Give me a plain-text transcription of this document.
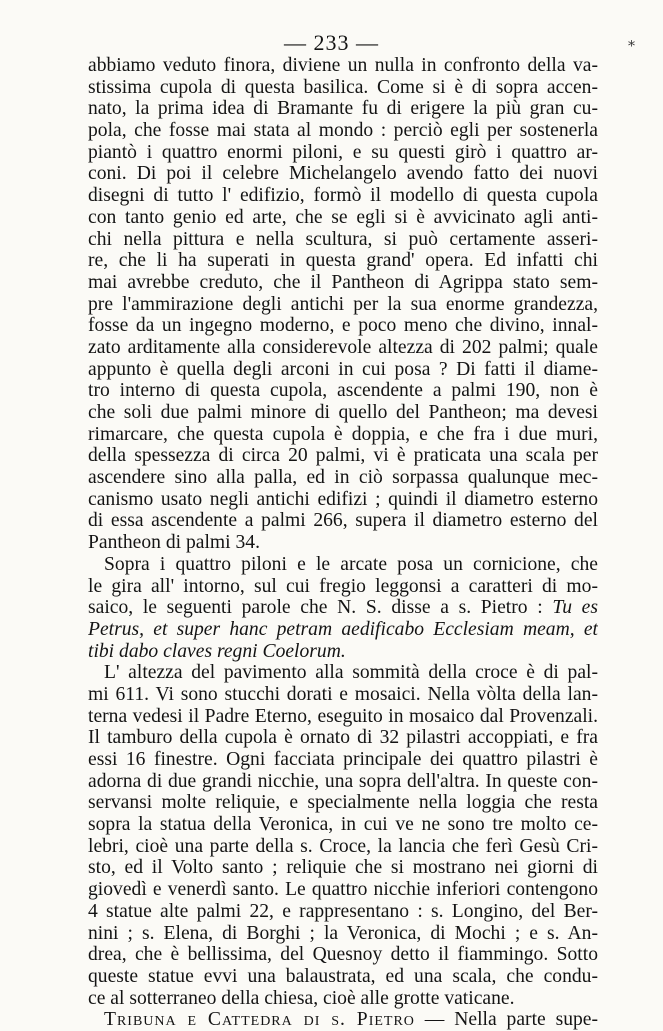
— 233 —	⁎
abbiamo veduto finora, diviene un nulla in confronto della va-
stissima cupola di questa basilica. Come si è di sopra accen-
nato, la prima idea di Bramante fu di erigere la più gran cu-
pola, che fosse mai stata al mondo : perciò egli per sostenerla
piantò i quattro enormi piloni, e su questi girò i quattro ar-
coni. Di poi il celebre Michelangelo avendo fatto dei nuovi
disegni di tutto l' edifizio, formò il modello di questa cupola
con tanto genio ed arte, che se egli si è avvicinato agli anti-
chi nella pittura e nella scultura, si può certamente asseri-
re, che li ha superati in questa grand' opera. Ed infatti chi
mai avrebbe creduto, che il Pantheon di Agrippa stato sem-
pre l'ammirazione degli antichi per la sua enorme grandezza,
fosse da un ingegno moderno, e poco meno che divino, innal-
zato arditamente alla considerevole altezza di 202 palmi; quale
appunto è quella degli arconi in cui posa ? Di fatti il diame-
tro interno di questa cupola, ascendente a palmi 190, non è
che soli due palmi minore di quello del Pantheon; ma devesi
rimarcare, che questa cupola è doppia, e che fra i due muri,
della spessezza di circa 20 palmi, vi è praticata una scala per
ascendere sino alla palla, ed in ciò sorpassa qualunque mec-
canismo usato negli antichi edifizi ; quindi il diametro esterno
di essa ascendente a palmi 266, supera il diametro esterno del
Pantheon di palmi 34.
Sopra i quattro piloni e le arcate posa un cornicione, che
le gira all' intorno, sul cui fregio leggonsi a caratteri di mo-
saico, le seguenti parole che N. S. disse a s. Pietro : Tu es
Petrus, et super hanc petram aedificabo Ecclesiam meam, et
tibi dabo claves regni Coelorum.
L' altezza del pavimento alla sommità della croce è di pal-
mi 611. Vi sono stucchi dorati e mosaici. Nella vòlta della lan-
terna vedesi il Padre Eterno, eseguito in mosaico dal Provenzali.
Il tamburo della cupola è ornato di 32 pilastri accoppiati, e fra
essi 16 finestre. Ogni facciata principale dei quattro pilastri è
adorna di due grandi nicchie, una sopra dell'altra. In queste con-
servansi molte reliquie, e specialmente nella loggia che resta
sopra la statua della Veronica, in cui ve ne sono tre molto ce-
lebri, cioè una parte della s. Croce, la lancia che ferì Gesù Cri-
sto, ed il Volto santo ; reliquie che si mostrano nei giorni di
giovedì e venerdì santo. Le quattro nicchie inferiori contengono
4 statue alte palmi 22, e rappresentano : s. Longino, del Ber-
nini ; s. Elena, di Borghi ; la Veronica, di Mochi ; e s. An-
drea, che è bellissima, del Quesnoy detto il fiammingo. Sotto
queste statue evvi una balaustrata, ed una scala, che condu-
ce al sotterraneo della chiesa, cioè alle grotte vaticane.
Tribuna e Cattedra di s. Pietro — Nella parte supe-
